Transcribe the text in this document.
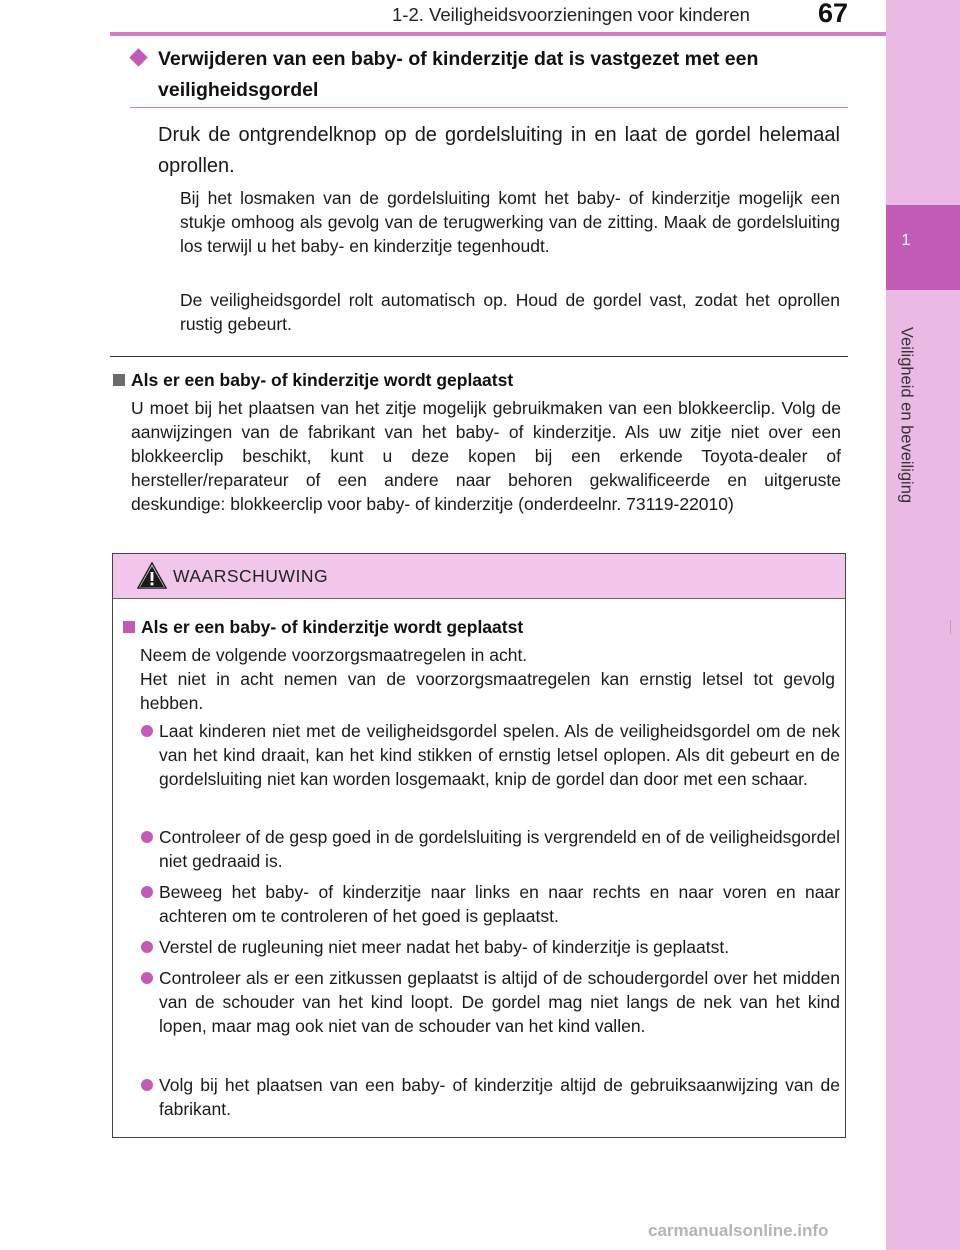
1-2. Veiligheidsvoorzieningen voor kinderen	67
1
Veiligheid en beveiliging
Verwijderen van een baby- of kinderzitje dat is vastgezet met een veiligheidsgordel
Druk de ontgrendelknop op de gordelsluiting in en laat de gordel helemaal oprollen.
Bij het losmaken van de gordelsluiting komt het baby- of kinderzitje mogelijk een stukje omhoog als gevolg van de terugwerking van de zitting. Maak de gordelsluiting los terwijl u het baby- en kinderzitje tegenhoudt.
De veiligheidsgordel rolt automatisch op. Houd de gordel vast, zodat het oprollen rustig gebeurt.
Als er een baby- of kinderzitje wordt geplaatst
U moet bij het plaatsen van het zitje mogelijk gebruikmaken van een blokkeerclip. Volg de aanwijzingen van de fabrikant van het baby- of kinderzitje. Als uw zitje niet over een blokkeerclip beschikt, kunt u deze kopen bij een erkende Toyota-dealer of hersteller/reparateur of een andere naar behoren gekwalificeerde en uitgeruste deskundige: blokkeerclip voor baby- of kinderzitje (onderdeelnr. 73119-22010)
WAARSCHUWING
Als er een baby- of kinderzitje wordt geplaatst
Neem de volgende voorzorgsmaatregelen in acht.
Het niet in acht nemen van de voorzorgsmaatregelen kan ernstig letsel tot gevolg hebben.
Laat kinderen niet met de veiligheidsgordel spelen. Als de veiligheidsgordel om de nek van het kind draait, kan het kind stikken of ernstig letsel oplopen. Als dit gebeurt en de gordelsluiting niet kan worden losgemaakt, knip de gordel dan door met een schaar.
Controleer of de gesp goed in de gordelsluiting is vergrendeld en of de veiligheidsgordel niet gedraaid is.
Beweeg het baby- of kinderzitje naar links en naar rechts en naar voren en naar achteren om te controleren of het goed is geplaatst.
Verstel de rugleuning niet meer nadat het baby- of kinderzitje is geplaatst.
Controleer als er een zitkussen geplaatst is altijd of de schoudergordel over het midden van de schouder van het kind loopt. De gordel mag niet langs de nek van het kind lopen, maar mag ook niet van de schouder van het kind vallen.
Volg bij het plaatsen van een baby- of kinderzitje altijd de gebruiksaanwijzing van de fabrikant.
carmanualsonline.info
